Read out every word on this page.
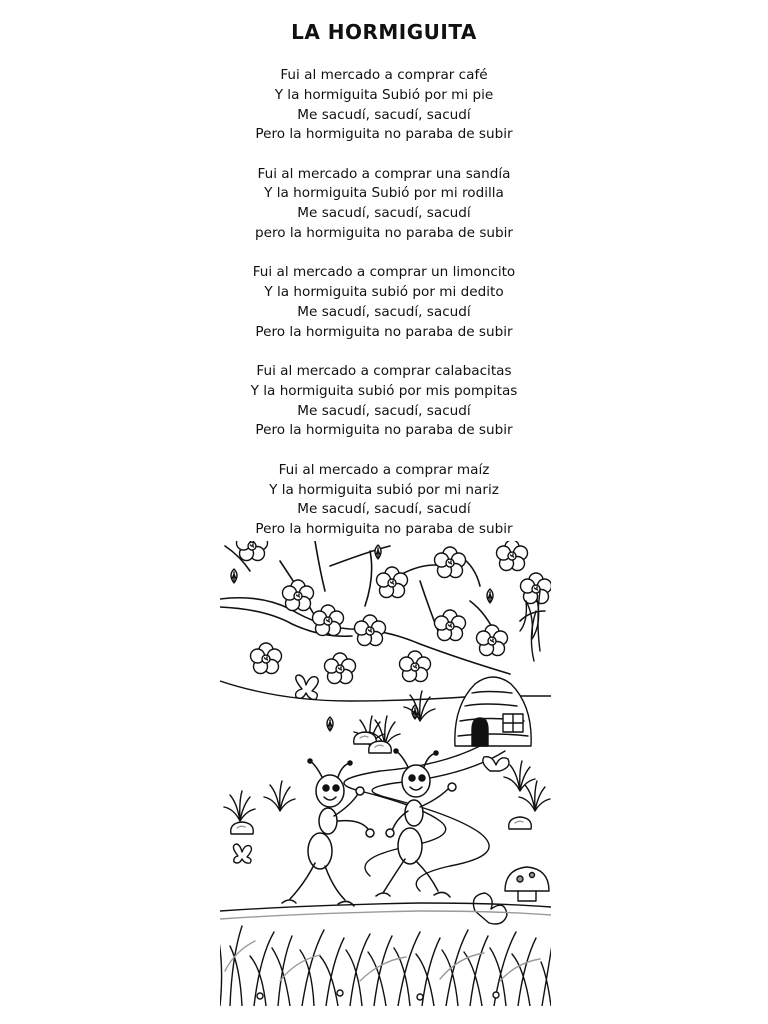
LA HORMIGUITA
Fui al mercado a comprar café
Y la hormiguita Subió por mi pie
Me sacudí, sacudí, sacudí
Pero la hormiguita no paraba de subir
Fui al mercado a comprar una sandía
Y la hormiguita Subió por mi rodilla
Me sacudí, sacudí, sacudí
pero la hormiguita no paraba de subir
Fui al mercado a comprar un limoncito
Y la hormiguita subió por mi dedito
Me sacudí, sacudí, sacudí
Pero la hormiguita no paraba de subir
Fui al mercado a comprar calabacitas
Y la hormiguita subió por mis pompitas
Me sacudí, sacudí, sacudí
Pero la hormiguita no paraba de subir
Fui al mercado a comprar maíz
Y la hormiguita subió por mi nariz
Me sacudí, sacudí, sacudí
Pero la hormiguita no paraba de subir
